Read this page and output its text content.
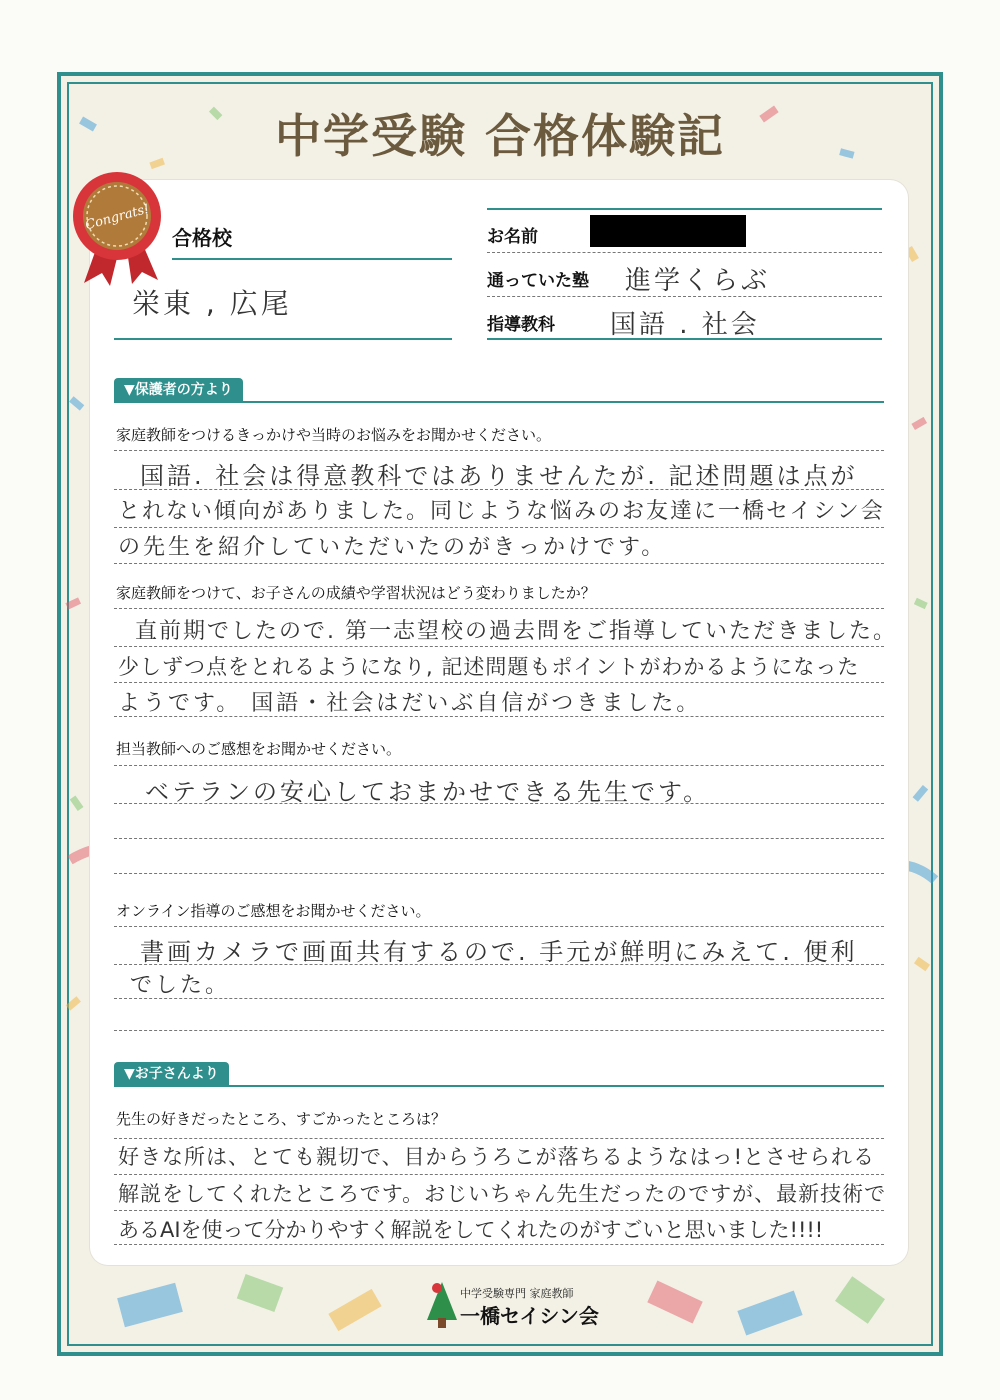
中学受験 合格体験記
Congrats!
合格校
栄東 , 広尾
お名前
通っていた塾 進学くらぶ
指導教科 国語 . 社会
▼保護者の方より
家庭教師をつけるきっかけや当時のお悩みをお聞かせください。
国語. 社会は得意教科ではありませんたが. 記述問題は点が
とれない傾向がありました。同じような悩みのお友達に一橋セイシン会
の先生を紹介していただいたのがきっかけです。
家庭教師をつけて、お子さんの成績や学習状況はどう変わりましたか？
直前期でしたので. 第一志望校の過去問をご指導していただきました。
少しずつ点をとれるようになり, 記述問題もポイントがわかるようになった
ようです。 国語・社会はだいぶ自信がつきました。
担当教師へのご感想をお聞かせください。
ベテランの安心しておまかせできる先生です。
オンライン指導のご感想をお聞かせください。
書画カメラで画面共有するので. 手元が鮮明にみえて. 便利
でした。
▼お子さんより
先生の好きだったところ、すごかったところは？
好きな所は、とても親切で、目からうろこが落ちるようなはっ!とさせられる
解説をしてくれたところです。おじいちゃん先生だったのですが、最新技術で
あるAIを使って分かりやすく解説をしてくれたのがすごいと思いました!!!!
中学受験専門 家庭教師
一橋セイシン会
